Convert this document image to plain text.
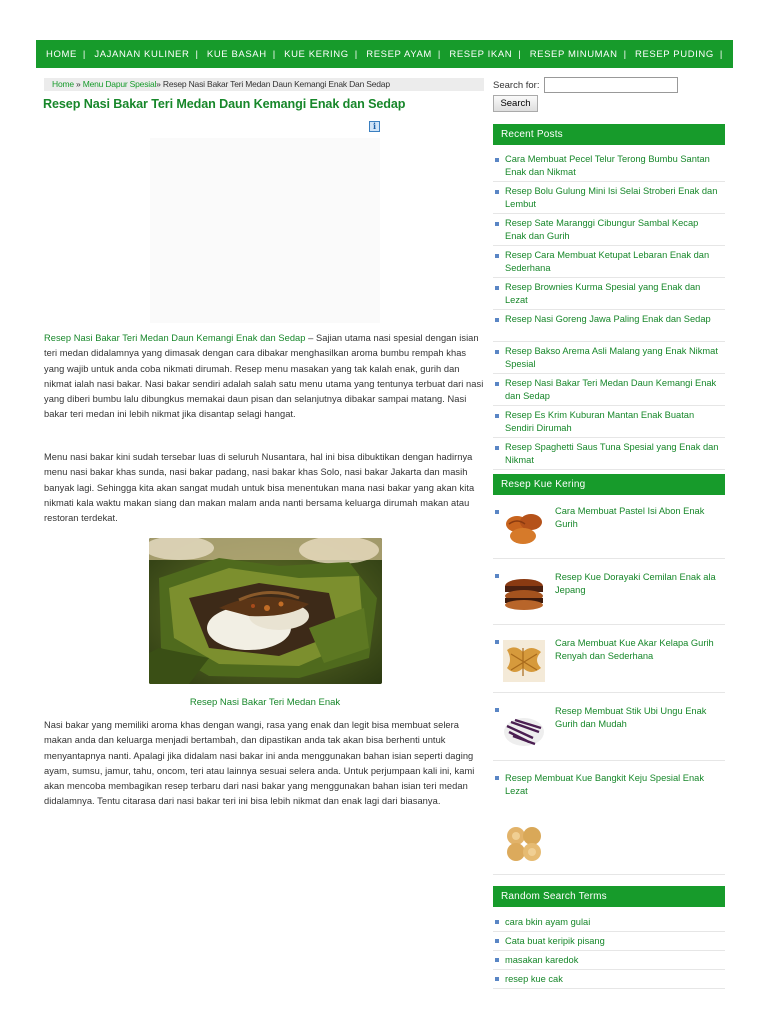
HOME | JAJANAN KULINER | KUE BASAH | KUE KERING | RESEP AYAM | RESEP IKAN | RESEP MINUMAN | RESEP PUDING |
Home » Menu Dapur Spesial» Resep Nasi Bakar Teri Medan Daun Kemangi Enak Dan Sedap
Resep Nasi Bakar Teri Medan Daun Kemangi Enak dan Sedap
i

Resep Nasi Bakar Teri Medan Daun Kemangi Enak dan Sedap – Sajian utama nasi spesial dengan isian teri medan didalamnya yang dimasak dengan cara dibakar menghasilkan aroma bumbu rempah khas yang wajib untuk anda coba nikmati dirumah. Resep menu masakan yang tak kalah enak, gurih dan nikmat ialah nasi bakar. Nasi bakar sendiri adalah salah satu menu utama yang tentunya terbuat dari nasi yang diberi bumbu lalu dibungkus memakai daun pisan dan selanjutnya dibakar sampai matang. Nasi bakar teri medan ini lebih nikmat jika disantap selagi hangat.

Menu nasi bakar kini sudah tersebar luas di seluruh Nusantara, hal ini bisa dibuktikan dengan hadirnya menu nasi bakar khas sunda, nasi bakar padang, nasi bakar khas Solo, nasi bakar Jakarta dan masih banyak lagi. Sehingga kita akan sangat mudah untuk bisa menentukan mana nasi bakar yang akan kita nikmati kala waktu makan siang dan makan malam anda nanti bersama keluarga dirumah makan atau restoran terdekat.

Resep Nasi Bakar Teri Medan Enak

Nasi bakar yang memiliki aroma khas dengan wangi, rasa yang enak dan legit bisa membuat selera makan anda dan keluarga menjadi bertambah, dan dipastikan anda tak akan bisa berhenti untuk menyantapnya nanti. Apalagi jika didalam nasi bakar ini anda menggunakan bahan isian seperti daging ayam, sumsu, jamur, tahu, oncom, teri atau lainnya sesuai selera anda. Untuk perjumpaan kali ini, kami akan mencoba membagikan resep terbaru dari nasi bakar yang menggunakan bahan isian teri medan didalamnya. Tentu citarasa dari nasi bakar teri ini bisa lebih nikmat dan enak lagi dari biasanya.

Search for:
Search
Recent Posts
Cara Membuat Pecel Telur Terong Bumbu Santan Enak dan Nikmat
Resep Bolu Gulung Mini Isi Selai Stroberi Enak dan Lembut
Resep Sate Maranggi Cibungur Sambal Kecap Enak dan Gurih
Resep Cara Membuat Ketupat Lebaran Enak dan Sederhana
Resep Brownies Kurma Spesial yang Enak dan Lezat
Resep Nasi Goreng Jawa Paling Enak dan Sedap
Resep Bakso Arema Asli Malang yang Enak Nikmat Spesial
Resep Nasi Bakar Teri Medan Daun Kemangi Enak dan Sedap
Resep Es Krim Kuburan Mantan Enak Buatan Sendiri Dirumah
Resep Spaghetti Saus Tuna Spesial yang Enak dan Nikmat
Resep Kue Kering
Cara Membuat Pastel Isi Abon Enak Gurih
Resep Kue Dorayaki Cemilan Enak ala Jepang
Cara Membuat Kue Akar Kelapa Gurih Renyah dan Sederhana
Resep Membuat Stik Ubi Ungu Enak Gurih dan Mudah
Resep Membuat Kue Bangkit Keju Spesial Enak Lezat
Random Search Terms
cara bkin ayam gulai
Cata buat keripik pisang
masakan karedok
resep kue cak
